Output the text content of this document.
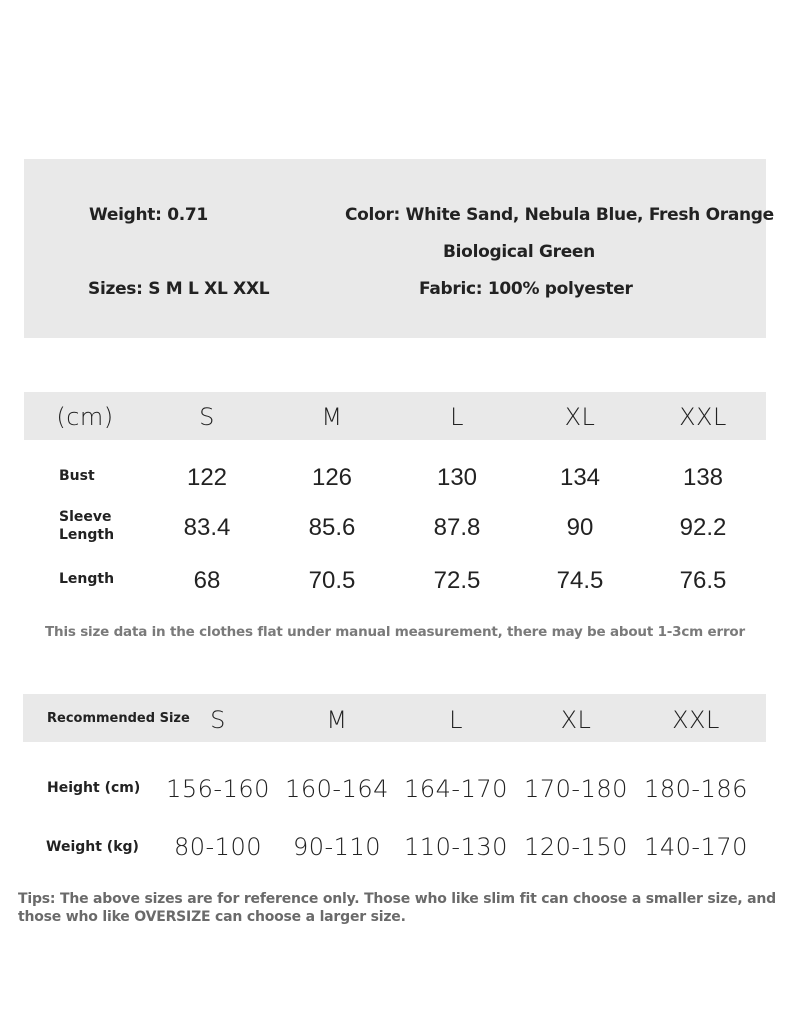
Weight: 0.71	Color: White Sand, Nebula Blue, Fresh Orange
Biological Green
Sizes: S M L XL XXL	Fabric: 100% polyester
(cm)	S	M	L	XL	XXL
Bust	122	126	130	134	138
Sleeve
Length	83.4	85.6	87.8	90	92.2
Length	68	70.5	72.5	74.5	76.5
This size data in the clothes flat under manual measurement, there may be about 1-3cm error
Recommended Size S	M	L	XL	XXL
Height (cm) 156-160 160-164 164-170 170-180 180-186
Weight (kg)	80-100	90-110 110-130 120-150 140-170
Tips: The above sizes are for reference only. Those who like slim fit can choose a smaller size, and those who like OVERSIZE can choose a larger size.
